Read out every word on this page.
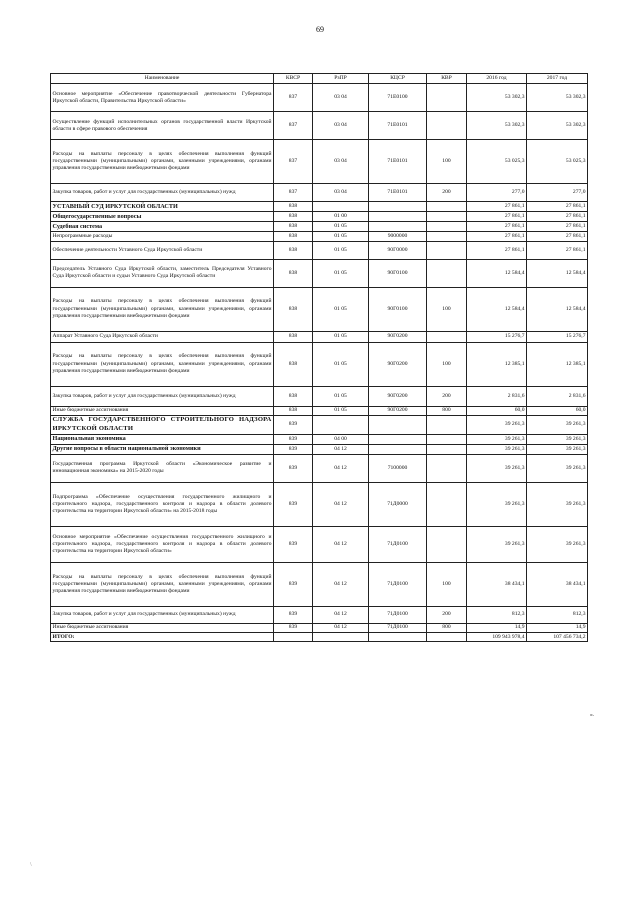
69
Наименование	КВСР	РзПР	КЦСР	КВР	2016 год	2017 год
Основное мероприятие «Обеспечение правотворческой деятельности Губернатора Иркутской области, Правительства Иркутской области»	837	03 04	71Е0100		53 302,3	53 302,3
Осуществление функций исполнительных органов государственной власти Иркутской области в сфере правового обеспечения	837	03 04	71Е0101		53 302,3	53 302,3
Расходы на выплаты персоналу в целях обеспечения выполнения функций государственными (муниципальными) органами, казенными учреждениями, органами управления государственными внебюджетными фондами	837	03 04	71Е0101	100	53 025,3	53 025,3
Закупка товаров, работ и услуг для государственных (муниципальных) нужд	837	03 04	71Е0101	200	277,0	277,0
УСТАВНЫЙ СУД ИРКУТСКОЙ ОБЛАСТИ	838				27 861,1	27 861,1
Общегосударственные вопросы	838	01 00			27 861,1	27 861,1
Судебная система	838	01 05			27 861,1	27 861,1
Непрограммные расходы	838	01 05	9000000		27 861,1	27 861,1
Обеспечение деятельности Уставного Суда Иркутской области	838	01 05	90Г0000		27 861,1	27 861,1
Председатель Уставного Суда Иркутской области, заместитель Председателя Уставного Суда Иркутской области и судьи Уставного Суда Иркутской области	838	01 05	90Г0100		12 584,4	12 584,4
Расходы на выплаты персоналу в целях обеспечения выполнения функций государственными (муниципальными) органами, казенными учреждениями, органами управления государственными внебюджетными фондами	838	01 05	90Г0100	100	12 584,4	12 584,4
Аппарат Уставного Суда Иркутской области	838	01 05	90Г0200		15 276,7	15 276,7
Расходы на выплаты персоналу в целях обеспечения выполнения функций государственными (муниципальными) органами, казенными учреждениями, органами управления государственными внебюджетными фондами	838	01 05	90Г0200	100	12 385,1	12 385,1
Закупка товаров, работ и услуг для государственных (муниципальных) нужд	838	01 05	90Г0200	200	2 831,6	2 831,6
Иные бюджетные ассигнования	838	01 05	90Г0200	800	60,0	60,0
СЛУЖБА ГОСУДАРСТВЕННОГО СТРОИТЕЛЬНОГО НАДЗОРА ИРКУТСКОЙ ОБЛАСТИ	839				39 261,3	39 261,3
Национальная экономика	839	04 00			39 261,3	39 261,3
Другие вопросы в области национальной экономики	839	04 12			39 261,3	39 261,3
Государственная программа Иркутской области «Экономическое развитие и инновационная экономика» на 2015-2020 годы	839	04 12	7100000		39 261,3	39 261,3
Подпрограмма «Обеспечение осуществления государственного жилищного и строительного надзора, государственного контроля и надзора в области долевого строительства на территории Иркутской области» на 2015-2018 годы	839	04 12	71Д0000		39 261,3	39 261,3
Основное мероприятие «Обеспечение осуществления государственного жилищного и строительного надзора, государственного контроля и надзора в области долевого строительства на территории Иркутской области»	839	04 12	71Д0100		39 261,3	39 261,3
Расходы на выплаты персоналу в целях обеспечения выполнения функций государственными (муниципальными) органами, казенными учреждениями, органами управления государственными внебюджетными фондами	839	04 12	71Д0100	100	38 434,1	38 434,1
Закупка товаров, работ и услуг для государственных (муниципальных) нужд	839	04 12	71Д0100	200	812,3	812,3
Иные бюджетные ассигнования	839	04 12	71Д0100	800	14,9	14,9
ИТОГО:					109 943 978,4	107 456 734,2
».
\
